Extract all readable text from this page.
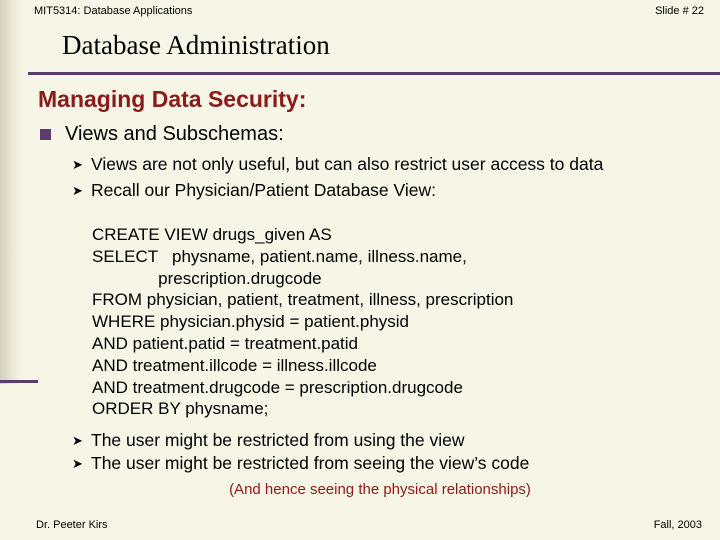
MIT5314: Database Applications	Slide # 22
Database Administration
Managing Data Security:
Views and Subschemas:
➤ Views are not only useful, but can also restrict user access to data
➤ Recall our Physician/Patient Database View:
CREATE VIEW drugs_given AS
SELECT   physname, patient.name, illness.name,
prescription.drugcode
FROM physician, patient, treatment, illness, prescription
WHERE physician.physid = patient.physid
AND patient.patid = treatment.patid
AND treatment.illcode = illness.illcode
AND treatment.drugcode = prescription.drugcode
ORDER BY physname;
➤ The user might be restricted from using the view
➤ The user might be restricted from seeing the view’s code
(And hence seeing the physical relationships)
Dr. Peeter Kirs	Fall, 2003
